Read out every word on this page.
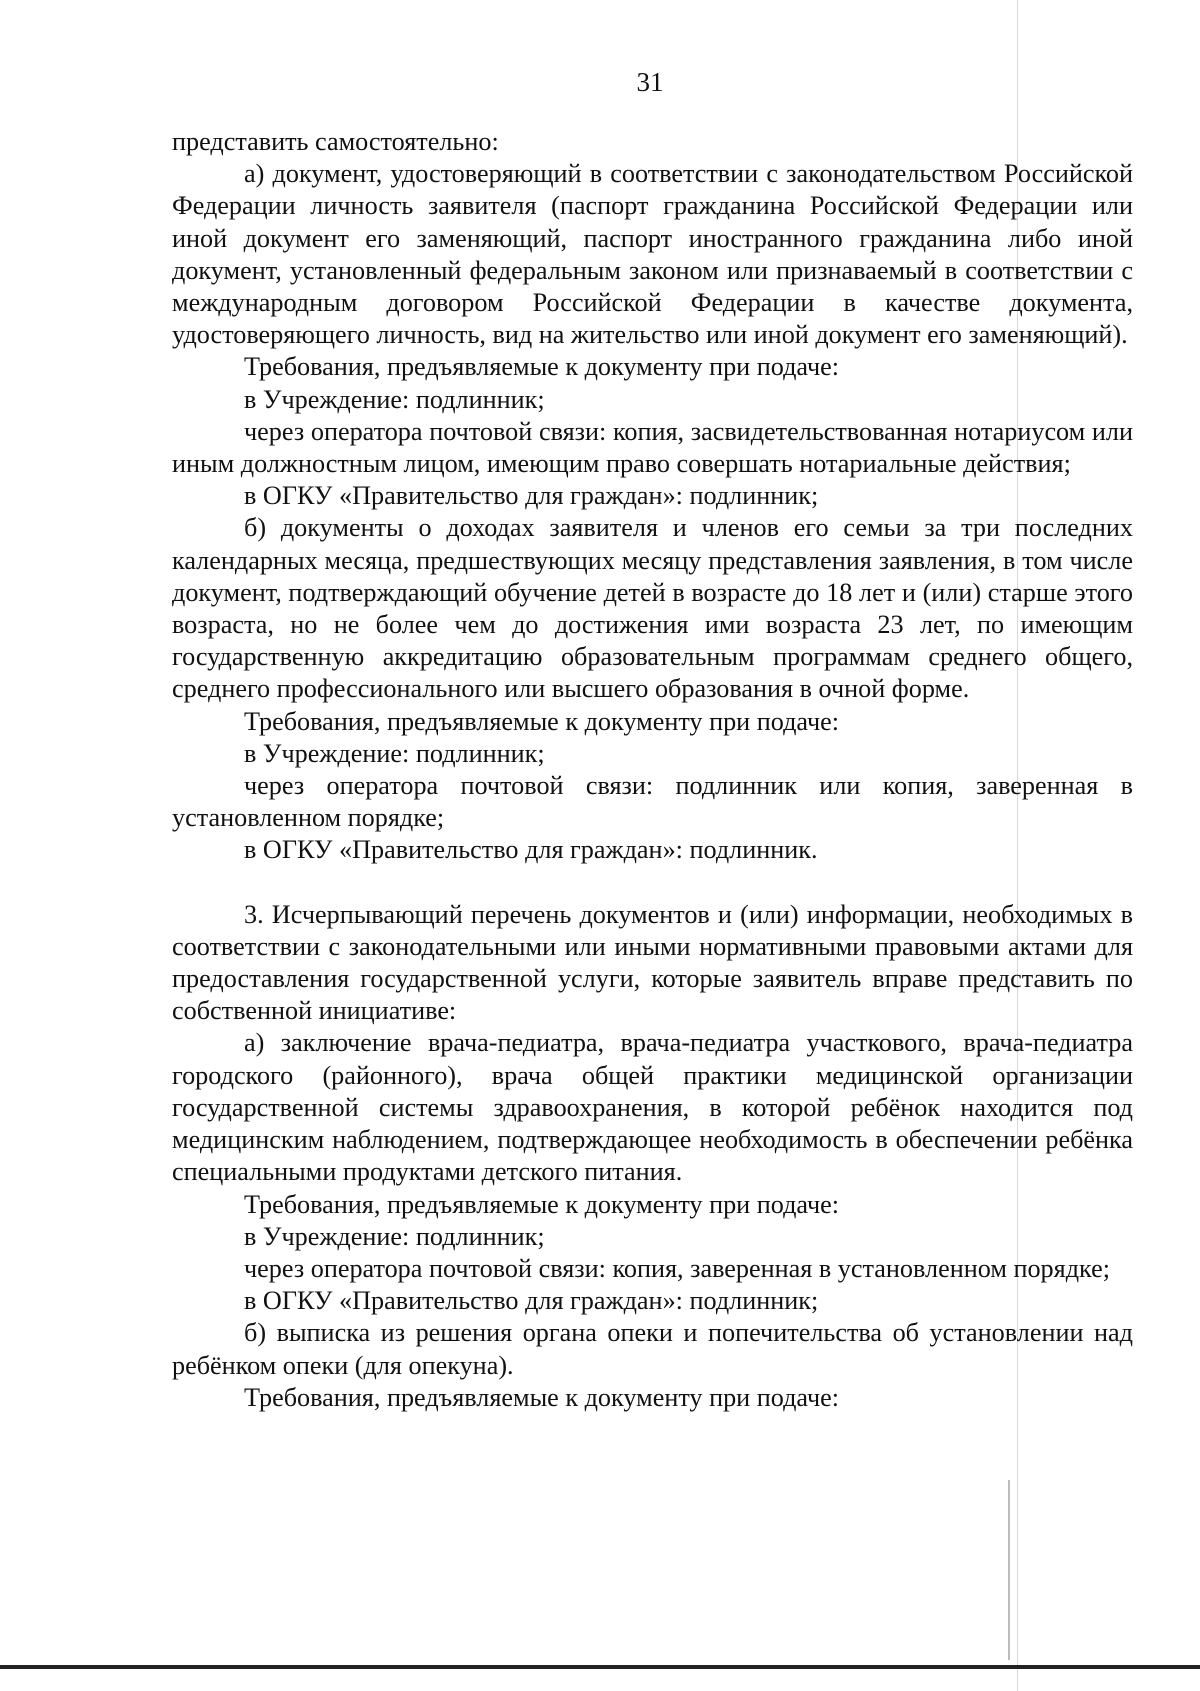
31

представить самостоятельно:

а) документ, удостоверяющий в соответствии с законодательством Российской Федерации личность заявителя (паспорт гражданина Российской Федерации или иной документ его заменяющий, паспорт иностранного гражданина либо иной документ, установленный федеральным законом или признаваемый в соответствии с международным договором Российской Федерации в качестве документа, удостоверяющего личность, вид на жительство или иной документ его заменяющий).

Требования, предъявляемые к документу при подаче:

в Учреждение: подлинник;

через оператора почтовой связи: копия, засвидетельствованная нотариусом или иным должностным лицом, имеющим право совершать нотариальные действия;

в ОГКУ «Правительство для граждан»: подлинник;

б) документы о доходах заявителя и членов его семьи за три последних календарных месяца, предшествующих месяцу представления заявления, в том числе документ, подтверждающий обучение детей в возрасте до 18 лет и (или) старше этого возраста, но не более чем до достижения ими возраста 23 лет, по имеющим государственную аккредитацию образовательным программам среднего общего, среднего профессионального или высшего образования в очной форме.

Требования, предъявляемые к документу при подаче:

в Учреждение: подлинник;

через оператора почтовой связи: подлинник или копия, заверенная в установленном порядке;

в ОГКУ «Правительство для граждан»: подлинник.

3. Исчерпывающий перечень документов и (или) информации, необходимых в соответствии с законодательными или иными нормативными правовыми актами для предоставления государственной услуги, которые заявитель вправе представить по собственной инициативе:

а) заключение врача-педиатра, врача-педиатра участкового, врача-педиатра городского (районного), врача общей практики медицинской организации государственной системы здравоохранения, в которой ребёнок находится под медицинским наблюдением, подтверждающее необходимость в обеспечении ребёнка специальными продуктами детского питания.

Требования, предъявляемые к документу при подаче:

в Учреждение: подлинник;

через оператора почтовой связи: копия, заверенная в установленном порядке;

в ОГКУ «Правительство для граждан»: подлинник;

б) выписка из решения органа опеки и попечительства об установлении над ребёнком опеки (для опекуна).

Требования, предъявляемые к документу при подаче:
